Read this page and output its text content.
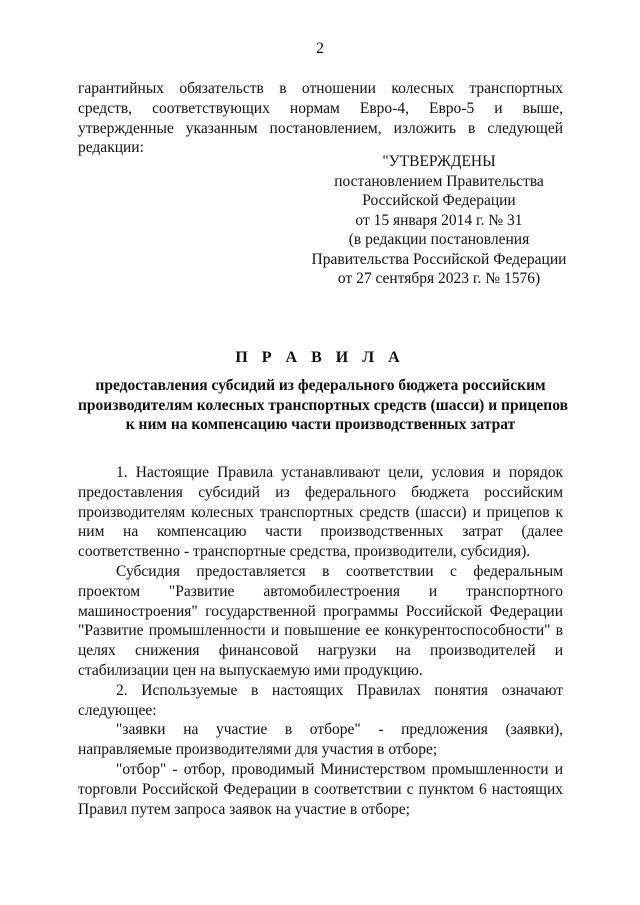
2
гарантийных обязательств в отношении колесных транспортных средств, соответствующих нормам Евро-4, Евро-5 и выше, утвержденные указанным постановлением, изложить в следующей редакции:
"УТВЕРЖДЕНЫ
постановлением Правительства
Российской Федерации
от 15 января 2014 г. № 31
(в редакции постановления
Правительства Российской Федерации
от 27 сентября 2023 г. № 1576)
П Р А В И Л А
предоставления субсидий из федерального бюджета российским
производителям колесных транспортных средств (шасси) и прицепов
к ним на компенсацию части производственных затрат

1. Настоящие Правила устанавливают цели, условия и порядок предоставления субсидий из федерального бюджета российским производителям колесных транспортных средств (шасси) и прицепов к ним на компенсацию части производственных затрат (далее соответственно - транспортные средства, производители, субсидия).

Субсидия предоставляется в соответствии с федеральным проектом "Развитие автомобилестроения и транспортного машиностроения" государственной программы Российской Федерации "Развитие промышленности и повышение ее конкурентоспособности" в целях снижения финансовой нагрузки на производителей и стабилизации цен на выпускаемую ими продукцию.

2. Используемые в настоящих Правилах понятия означают следующее:

"заявки на участие в отборе" - предложения (заявки), направляемые производителями для участия в отборе;

"отбор" - отбор, проводимый Министерством промышленности и торговли Российской Федерации в соответствии с пунктом 6 настоящих Правил путем запроса заявок на участие в отборе;
